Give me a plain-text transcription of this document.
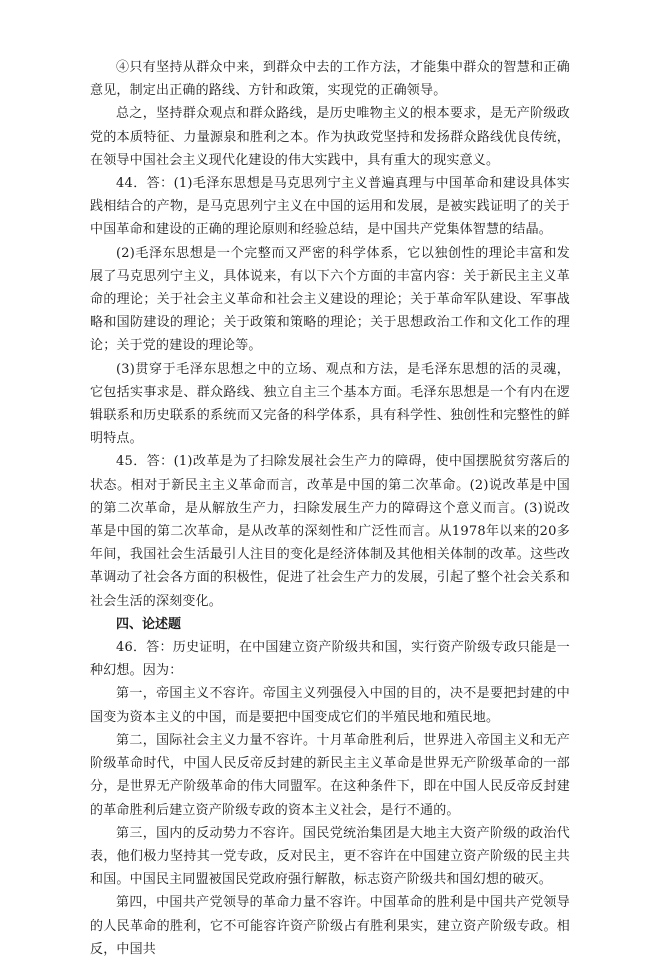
④只有坚持从群众中来，到群众中去的工作方法，才能集中群众的智慧和正确意见，制定出正确的路线、方针和政策，实现党的正确领导。

总之，坚持群众观点和群众路线，是历史唯物主义的根本要求，是无产阶级政党的本质特征、力量源泉和胜利之本。作为执政党坚持和发扬群众路线优良传统，在领导中国社会主义现代化建设的伟大实践中，具有重大的现实意义。

44．答：(1)毛泽东思想是马克思列宁主义普遍真理与中国革命和建设具体实践相结合的产物，是马克思列宁主义在中国的运用和发展，是被实践证明了的关于中国革命和建设的正确的理论原则和经验总结，是中国共产党集体智慧的结晶。

(2)毛泽东思想是一个完整而又严密的科学体系，它以独创性的理论丰富和发展了马克思列宁主义，具体说来，有以下六个方面的丰富内容：关于新民主主义革命的理论；关于社会主义革命和社会主义建设的理论；关于革命军队建设、军事战略和国防建设的理论；关于政策和策略的理论；关于思想政治工作和文化工作的理论；关于党的建设的理论等。

(3)贯穿于毛泽东思想之中的立场、观点和方法，是毛泽东思想的活的灵魂，它包括实事求是、群众路线、独立自主三个基本方面。毛泽东思想是一个有内在逻辑联系和历史联系的系统而又完备的科学体系，具有科学性、独创性和完整性的鲜明特点。

45．答：(1)改革是为了扫除发展社会生产力的障碍，使中国摆脱贫穷落后的状态。相对于新民主主义革命而言，改革是中国的第二次革命。(2)说改革是中国的第二次革命，是从解放生产力，扫除发展生产力的障碍这个意义而言。(3)说改革是中国的第二次革命，是从改革的深刻性和广泛性而言。从1978年以来的20多年间，我国社会生活最引人注目的变化是经济体制及其他相关体制的改革。这些改革调动了社会各方面的积极性，促进了社会生产力的发展，引起了整个社会关系和社会生活的深刻变化。

四、论述题

46．答：历史证明，在中国建立资产阶级共和国，实行资产阶级专政只能是一种幻想。因为：

第一，帝国主义不容许。帝国主义列强侵入中国的目的，决不是要把封建的中国变为资本主义的中国，而是要把中国变成它们的半殖民地和殖民地。

第二，国际社会主义力量不容许。十月革命胜利后，世界进入帝国主义和无产阶级革命时代，中国人民反帝反封建的新民主主义革命是世界无产阶级革命的一部分，是世界无产阶级革命的伟大同盟军。在这种条件下，即在中国人民反帝反封建的革命胜利后建立资产阶级专政的资本主义社会，是行不通的。

第三，国内的反动势力不容许。国民党统治集团是大地主大资产阶级的政治代表，他们极力坚持其一党专政，反对民主，更不容许在中国建立资产阶级的民主共和国。中国民主同盟被国民党政府强行解散，标志资产阶级共和国幻想的破灭。

第四，中国共产党领导的革命力量不容许。中国革命的胜利是中国共产党领导的人民革命的胜利，它不可能容许资产阶级占有胜利果实，建立资产阶级专政。相反，中国共
